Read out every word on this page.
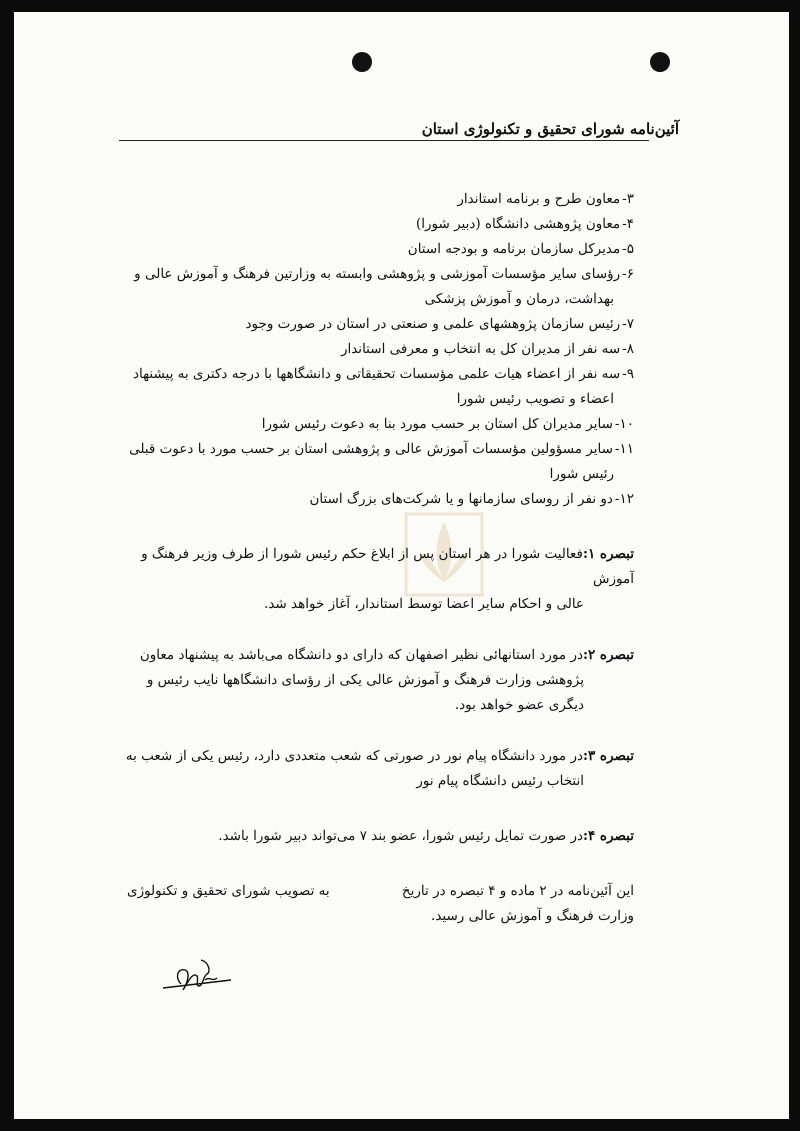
آئین‌نامه شورای تحقیق و تکنولوژی استان
۳-معاون طرح و برنامه استاندار
۴-معاون پژوهشی دانشگاه (دبیر شورا)
۵-مدیرکل سازمان برنامه و بودجه استان
۶-رؤسای سایر مؤسسات آموزشی و پژوهشی وابسته به وزارتین فرهنگ و آموزش عالی و
بهداشت، درمان و آموزش پزشکی
۷-رئیس سازمان پژوهشهای علمی و صنعتی در استان در صورت وجود
۸-سه نفر از مدیران کل به انتخاب و معرفی استاندار
۹-سه نفر از اعضاء هیات علمی مؤسسات تحقیقاتی و دانشگاهها با درجه دکتری به پیشنهاد
اعضاء و تصویب رئیس شورا
۱۰-سایر مدیران کل استان بر حسب مورد بنا به دعوت رئیس شورا
۱۱-سایر مسؤولین مؤسسات آموزش عالی و پژوهشی استان بر حسب مورد با دعوت قبلی
رئیس شورا
۱۲-دو نفر از روسای سازمانها و یا شرکت‌های بزرگ استان
تبصره ۱:فعالیت شورا در هر استان پس از ابلاغ حکم رئیس شورا از طرف وزیر فرهنگ و آموزش
عالی و احکام سایر اعضا توسط استاندار، آغاز خواهد شد.
تبصره ۲:در مورد استانهائی نظیر اصفهان که دارای دو دانشگاه می‌باشد به پیشنهاد معاون
پژوهشی وزارت فرهنگ و آموزش عالی یکی از رؤسای دانشگاهها نایب رئیس و
دیگری عضو خواهد بود.
تبصره ۳:در مورد دانشگاه پیام نور در صورتی که شعب متعددی دارد، رئیس یکی از شعب به
انتخاب رئیس دانشگاه پیام نور
تبصره ۴:در صورت تمایل رئیس شورا، عضو بند ۷ می‌تواند دبیر شورا باشد.
این آئین‌نامه در ۲ ماده و ۴ تبصره در تاریخ
به تصویب شورای تحقیق و تکنولوژی
وزارت فرهنگ و آموزش عالی رسید.
